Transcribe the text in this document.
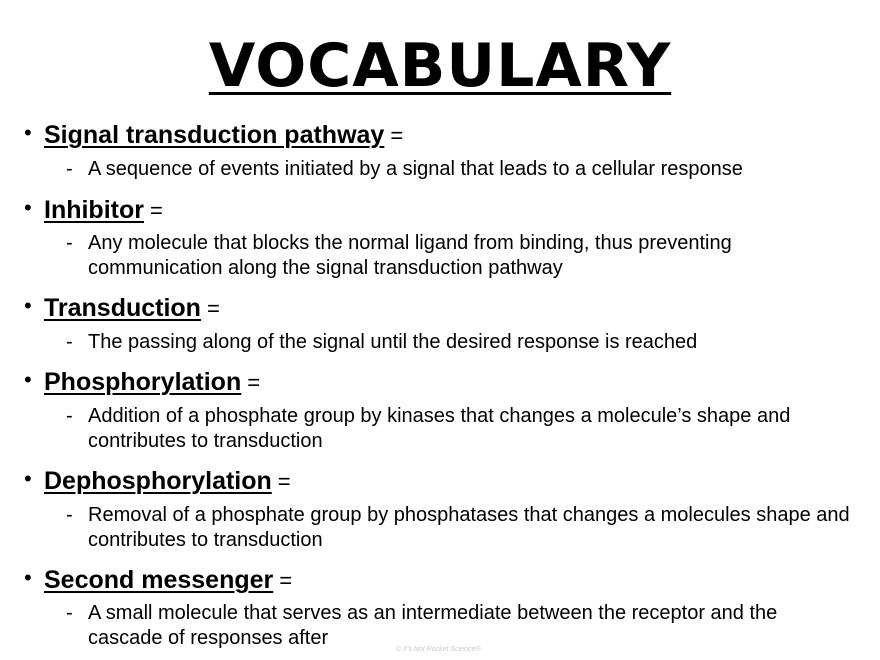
VOCABULARY
• Signal transduction pathway =
- A sequence of events initiated by a signal that leads to a cellular response
• Inhibitor =
- Any molecule that blocks the normal ligand from binding, thus preventing communication along the signal transduction pathway
• Transduction =
- The passing along of the signal until the desired response is reached
• Phosphorylation =
- Addition of a phosphate group by kinases that changes a molecule’s shape and contributes to transduction
• Dephosphorylation =
- Removal of a phosphate group by phosphatases that changes a molecules shape and contributes to transduction
• Second messenger =
- A small molecule that serves as an intermediate between the receptor and the cascade of responses after
© It’s Not Rocket Science®
